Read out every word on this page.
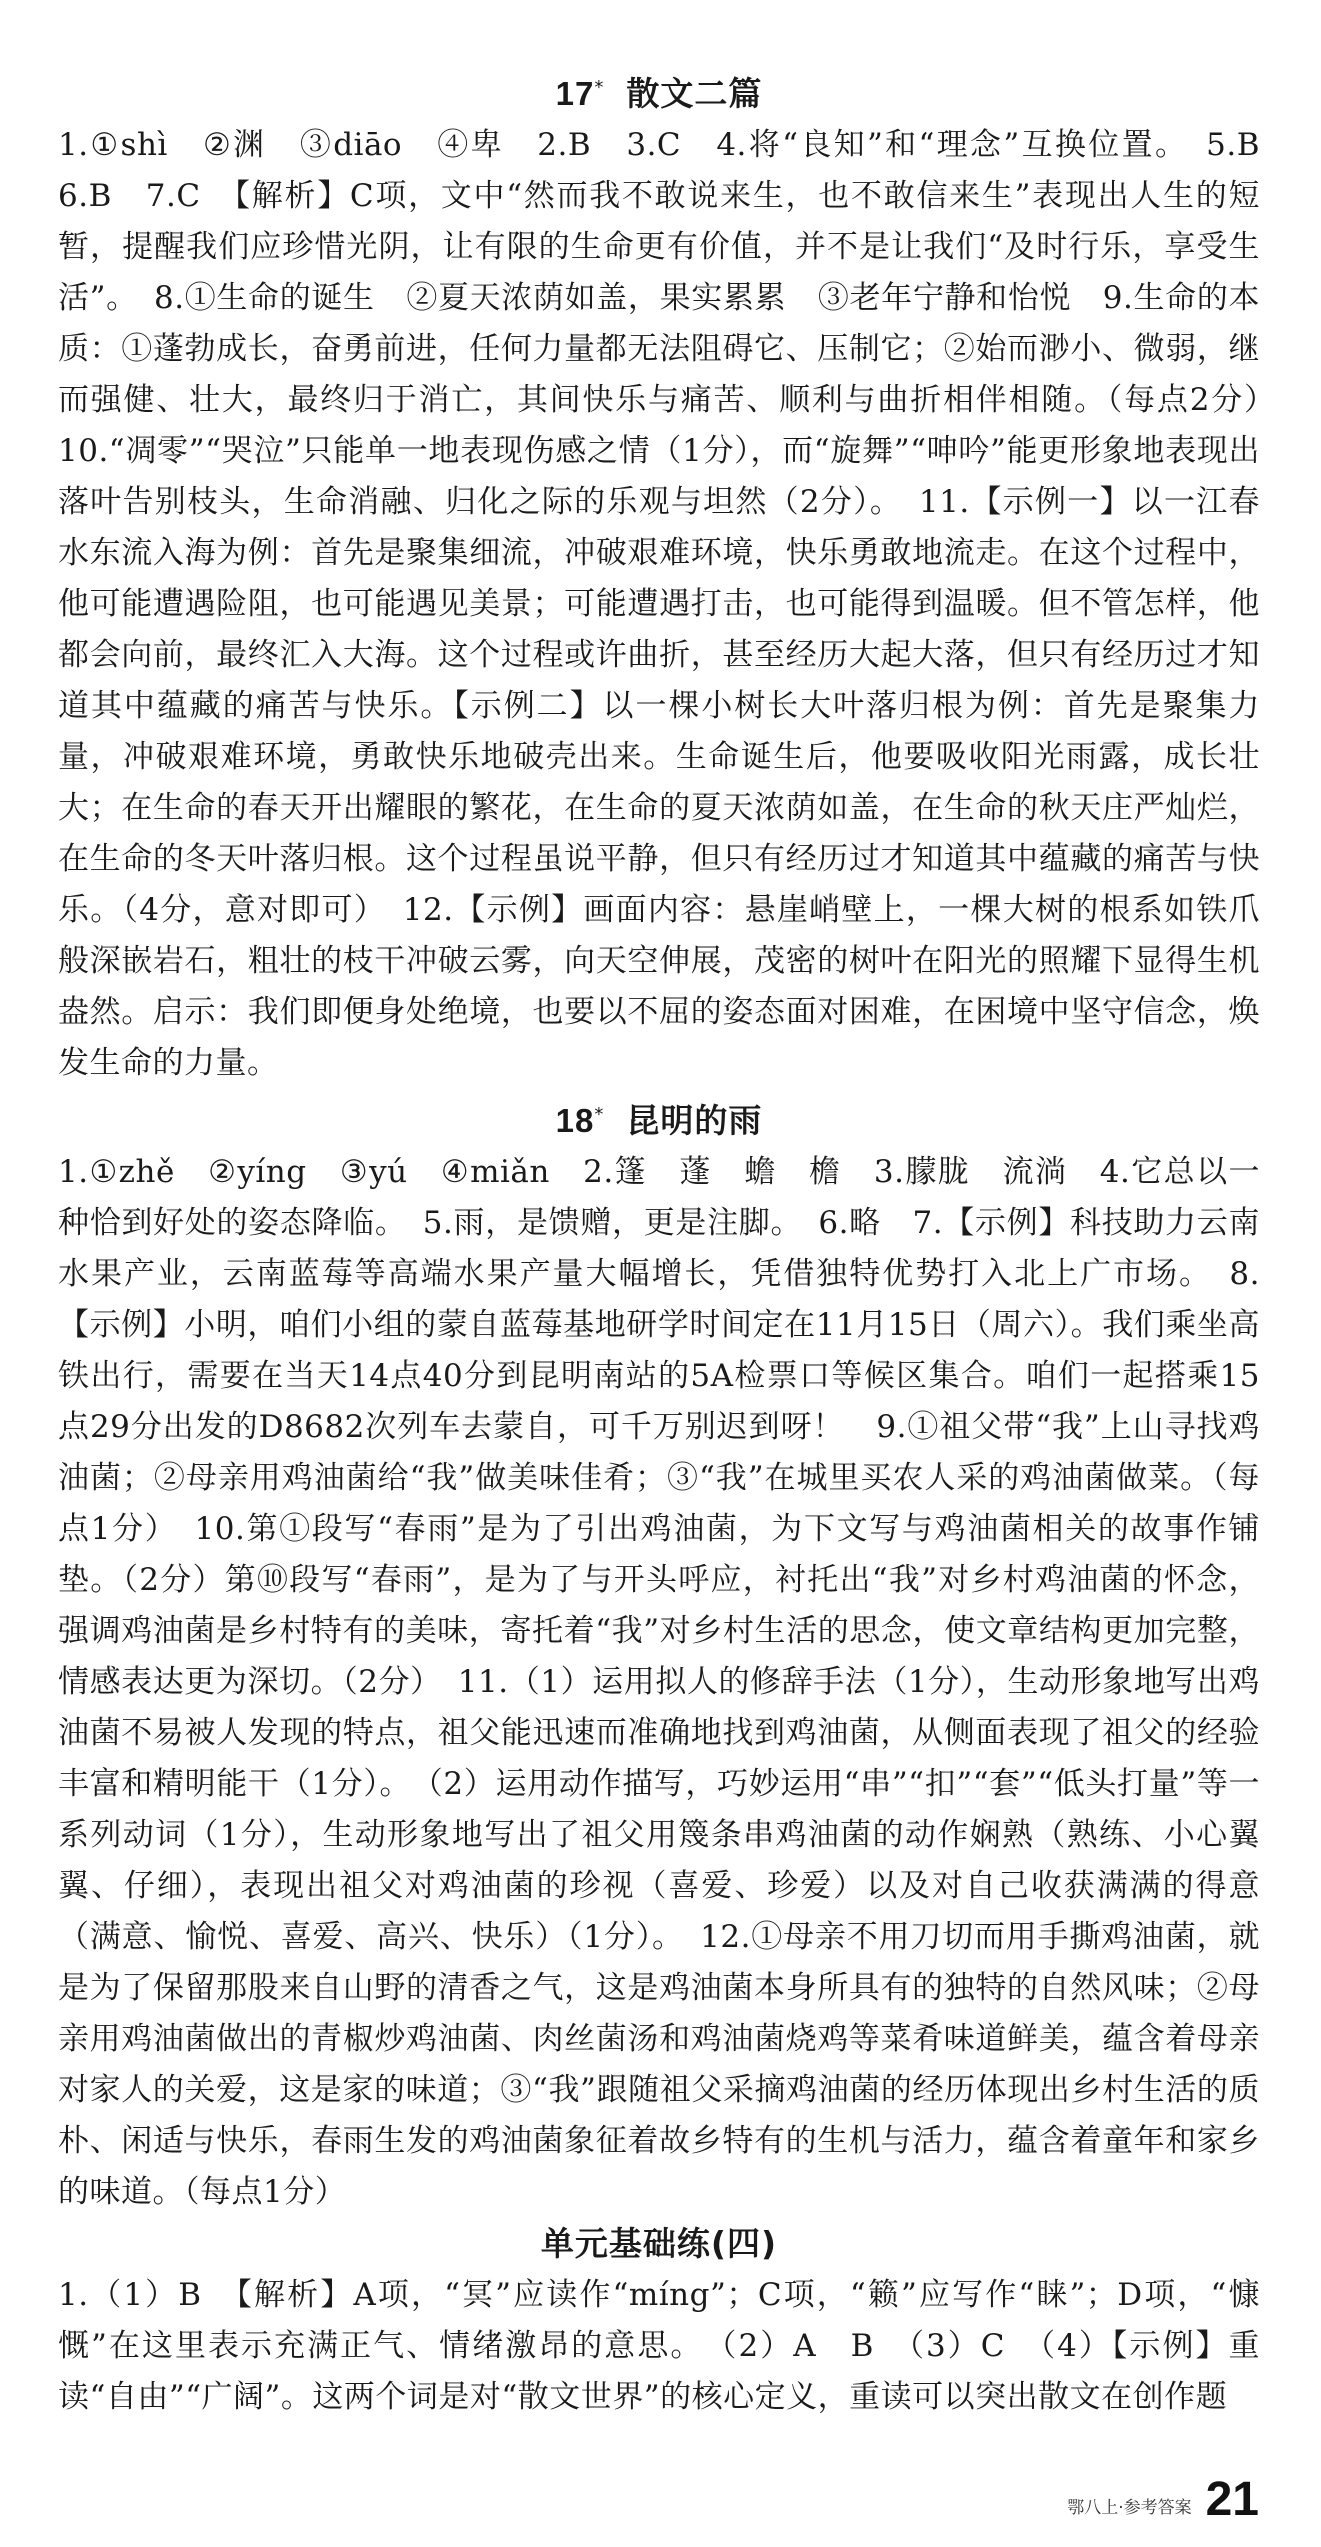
17* 散文二篇

1.①shì　②渊　③diāo　④卑　2.B　3.C　4.将“良知”和“理念”互换位置。　5.B　6.B　7.C　【解析】C项，文中“然而我不敢说来生，也不敢信来生”表现出人生的短暂，提醒我们应珍惜光阴，让有限的生命更有价值，并不是让我们“及时行乐，享受生活”。　8.①生命的诞生　②夏天浓荫如盖，果实累累　③老年宁静和怡悦　9.生命的本质：①蓬勃成长，奋勇前进，任何力量都无法阻碍它、压制它；②始而渺小、微弱，继而强健、壮大，最终归于消亡，其间快乐与痛苦、顺利与曲折相伴相随。（每点2分）　10.“凋零”“哭泣”只能单一地表现伤感之情（1分），而“旋舞”“呻吟”能更形象地表现出落叶告别枝头，生命消融、归化之际的乐观与坦然（2分）。　11.【示例一】以一江春水东流入海为例：首先是聚集细流，冲破艰难环境，快乐勇敢地流走。在这个过程中，他可能遭遇险阻，也可能遇见美景；可能遭遇打击，也可能得到温暖。但不管怎样，他都会向前，最终汇入大海。这个过程或许曲折，甚至经历大起大落，但只有经历过才知道其中蕴藏的痛苦与快乐。【示例二】以一棵小树长大叶落归根为例：首先是聚集力量，冲破艰难环境，勇敢快乐地破壳出来。生命诞生后，他要吸收阳光雨露，成长壮大；在生命的春天开出耀眼的繁花，在生命的夏天浓荫如盖，在生命的秋天庄严灿烂，在生命的冬天叶落归根。这个过程虽说平静，但只有经历过才知道其中蕴藏的痛苦与快乐。（4分，意对即可）　12.【示例】画面内容：悬崖峭壁上，一棵大树的根系如铁爪般深嵌岩石，粗壮的枝干冲破云雾，向天空伸展，茂密的树叶在阳光的照耀下显得生机盎然。启示：我们即便身处绝境，也要以不屈的姿态面对困难，在困境中坚守信念，焕发生命的力量。

18* 昆明的雨

1.①zhě　②yíng　③yú　④miǎn　2.篷　蓬　蟾　檐　3.朦胧　流淌　4.它总以一种恰到好处的姿态降临。　5.雨，是馈赠，更是注脚。　6.略　7.【示例】科技助力云南水果产业，云南蓝莓等高端水果产量大幅增长，凭借独特优势打入北上广市场。　8.【示例】小明，咱们小组的蒙自蓝莓基地研学时间定在11月15日（周六）。我们乘坐高铁出行，需要在当天14点40分到昆明南站的5A检票口等候区集合。咱们一起搭乘15点29分出发的D8682次列车去蒙自，可千万别迟到呀！　9.①祖父带“我”上山寻找鸡油菌；②母亲用鸡油菌给“我”做美味佳肴；③“我”在城里买农人采的鸡油菌做菜。（每点1分）　10.第①段写“春雨”是为了引出鸡油菌，为下文写与鸡油菌相关的故事作铺垫。（2分）第⑩段写“春雨”，是为了与开头呼应，衬托出“我”对乡村鸡油菌的怀念，强调鸡油菌是乡村特有的美味，寄托着“我”对乡村生活的思念，使文章结构更加完整，情感表达更为深切。（2分）　11.（1）运用拟人的修辞手法（1分），生动形象地写出鸡油菌不易被人发现的特点，祖父能迅速而准确地找到鸡油菌，从侧面表现了祖父的经验丰富和精明能干（1分）。　（2）运用动作描写，巧妙运用“串”“扣”“套”“低头打量”等一系列动词（1分），生动形象地写出了祖父用篾条串鸡油菌的动作娴熟（熟练、小心翼翼、仔细），表现出祖父对鸡油菌的珍视（喜爱、珍爱）以及对自己收获满满的得意（满意、愉悦、喜爱、高兴、快乐）（1分）。　12.①母亲不用刀切而用手撕鸡油菌，就是为了保留那股来自山野的清香之气，这是鸡油菌本身所具有的独特的自然风味；②母亲用鸡油菌做出的青椒炒鸡油菌、肉丝菌汤和鸡油菌烧鸡等菜肴味道鲜美，蕴含着母亲对家人的关爱，这是家的味道；③“我”跟随祖父采摘鸡油菌的经历体现出乡村生活的质朴、闲适与快乐，春雨生发的鸡油菌象征着故乡特有的生机与活力，蕴含着童年和家乡的味道。（每点1分）

单元基础练(四)

1.（1）B　【解析】A项，“冥”应读作“míng”；C项，“籁”应写作“睐”；D项，“慷慨”在这里表示充满正气、情绪激昂的意思。　（2）A　B　（3）C　（4）【示例】重读“自由”“广阔”。这两个词是对“散文世界”的核心定义，重读可以突出散文在创作题

鄂八上·参考答案 21
